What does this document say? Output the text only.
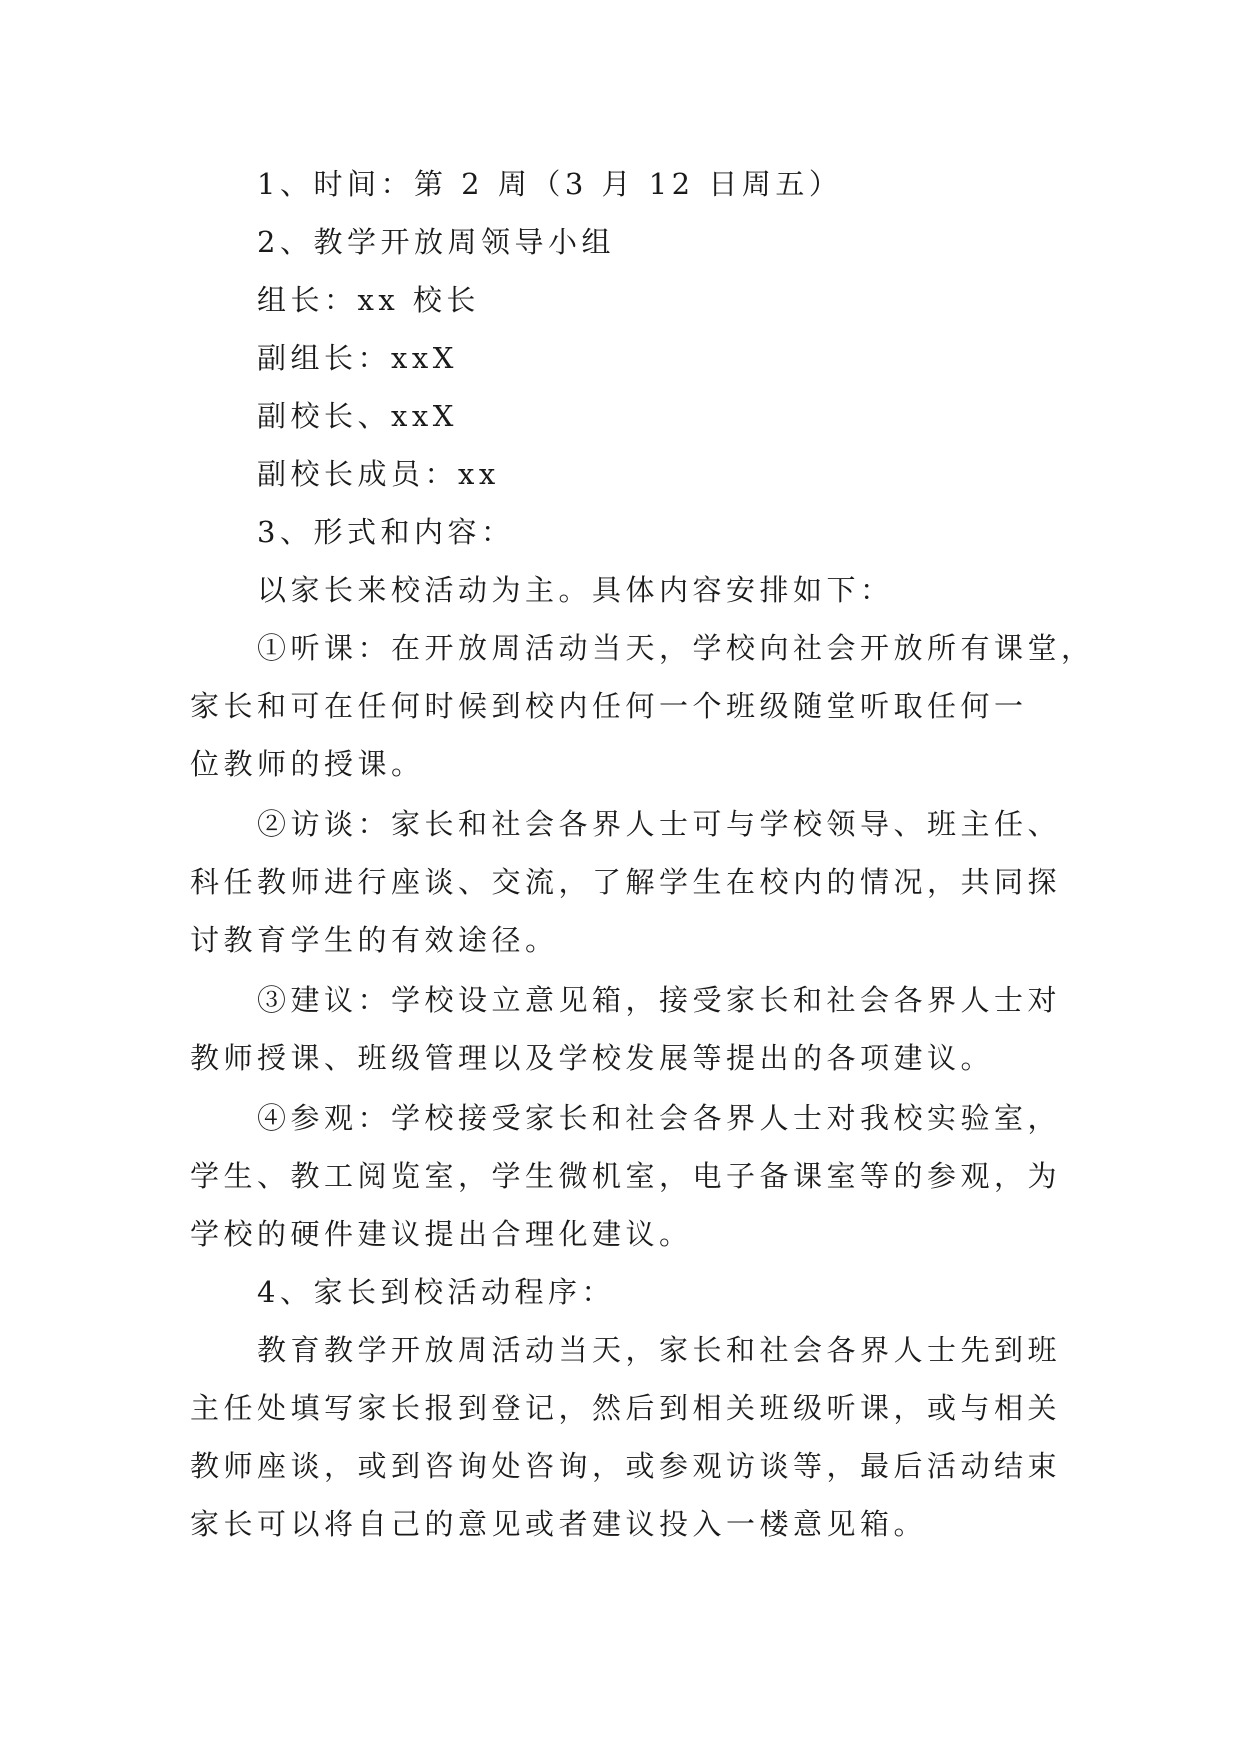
1、时间：第 2 周（3 月 12 日周五）

2、教学开放周领导小组

组长：xx 校长

副组长：xxX

副校长、xxX

副校长成员：xx

3、形式和内容：

以家长来校活动为主。具体内容安排如下：

①听课：在开放周活动当天，学校向社会开放所有课堂，

家长和可在任何时候到校内任何一个班级随堂听取任何一

位教师的授课。

②访谈：家长和社会各界人士可与学校领导、班主任、

科任教师进行座谈、交流，了解学生在校内的情况，共同探

讨教育学生的有效途径。

③建议：学校设立意见箱，接受家长和社会各界人士对

教师授课、班级管理以及学校发展等提出的各项建议。

④参观：学校接受家长和社会各界人士对我校实验室，

学生、教工阅览室，学生微机室，电子备课室等的参观，为

学校的硬件建议提出合理化建议。

4、家长到校活动程序：

教育教学开放周活动当天，家长和社会各界人士先到班

主任处填写家长报到登记，然后到相关班级听课，或与相关

教师座谈，或到咨询处咨询，或参观访谈等，最后活动结束

家长可以将自己的意见或者建议投入一楼意见箱。
